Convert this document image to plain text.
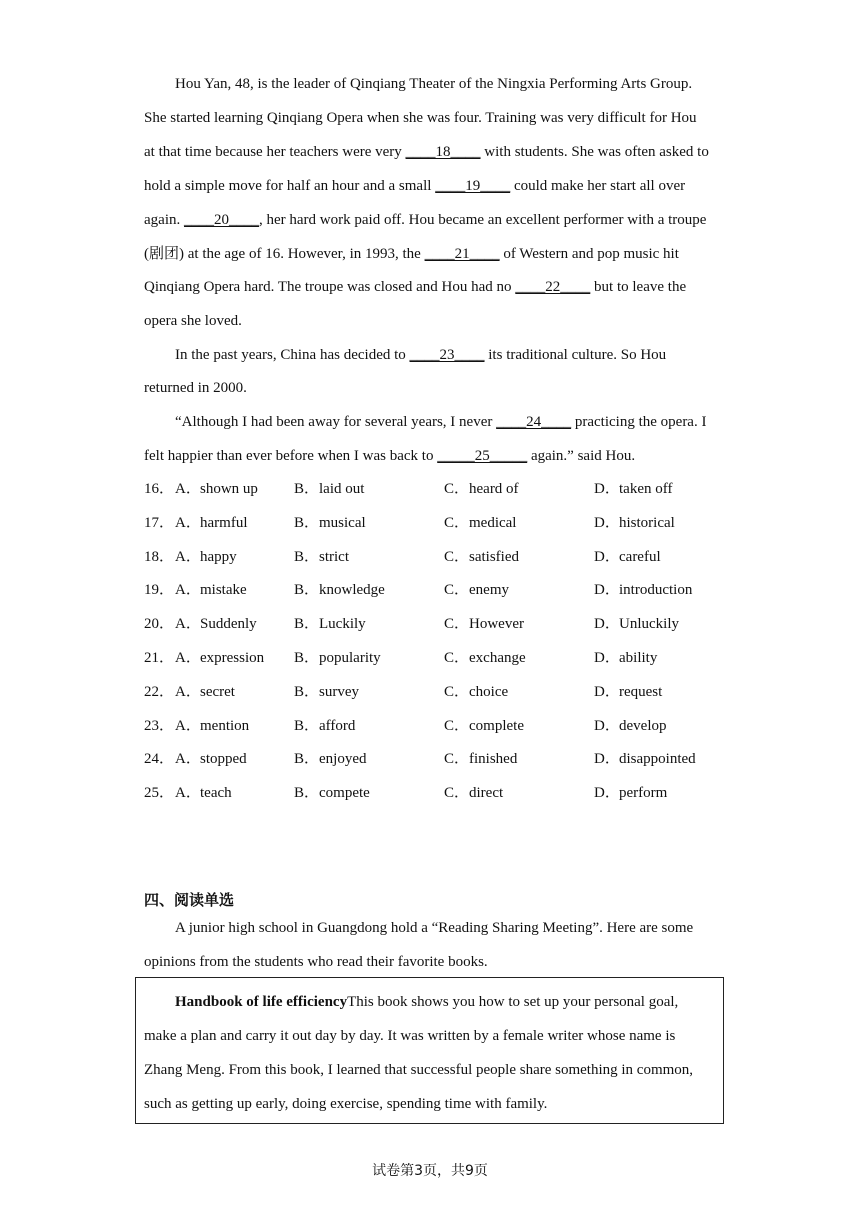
Hou Yan, 48, is the leader of Qinqiang Theater of the Ningxia Performing Arts Group.
She started learning Qinqiang Opera when she was four. Training was very difficult for Hou
at that time because her teachers were very ____18____ with students. She was often asked to
hold a simple move for half an hour and a small ____19____ could make her start all over
again. ____20____, her hard work paid off. Hou became an excellent performer with a troupe
(剧团) at the age of 16. However, in 1993, the ____21____ of Western and pop music hit
Qinqiang Opera hard. The troupe was closed and Hou had no ____22____ but to leave the
opera she loved.
In the past years, China has decided to ____23____ its traditional culture. So Hou
returned in 2000.
“Although I had been away for several years, I never ____24____ practicing the opera. I
felt happier than ever before when I was back to _____25_____ again.” said Hou.
16． A．shown up B．laid out	C．heard of	D．taken off
17． A．harmful	B．musical	C．medical	D．historical
18． A．happy	B．strict	C．satisfied	D．careful
19． A．mistake	B．knowledge	C．enemy	D．introduction
20． A．Suddenly B．Luckily	C．However	D．Unluckily
21． A．expression B．popularity	C．exchange	D．ability
22． A．secret	B．survey	C．choice	D．request
23． A．mention	B．afford	C．complete	D．develop
24． A．stopped	B．enjoyed	C．finished	D．disappointed
25． A．teach	B．compete	C．direct	D．perform
四、阅读单选
A junior high school in Guangdong hold a “Reading Sharing Meeting”. Here are some
opinions from the students who read their favorite books.
Handbook of life efficiencyThis book shows you how to set up your personal goal,
make a plan and carry it out day by day. It was written by a female writer whose name is
Zhang Meng. From this book, I learned that successful people share something in common,
such as getting up early, doing exercise, spending time with family.
试卷第3页，共9页
